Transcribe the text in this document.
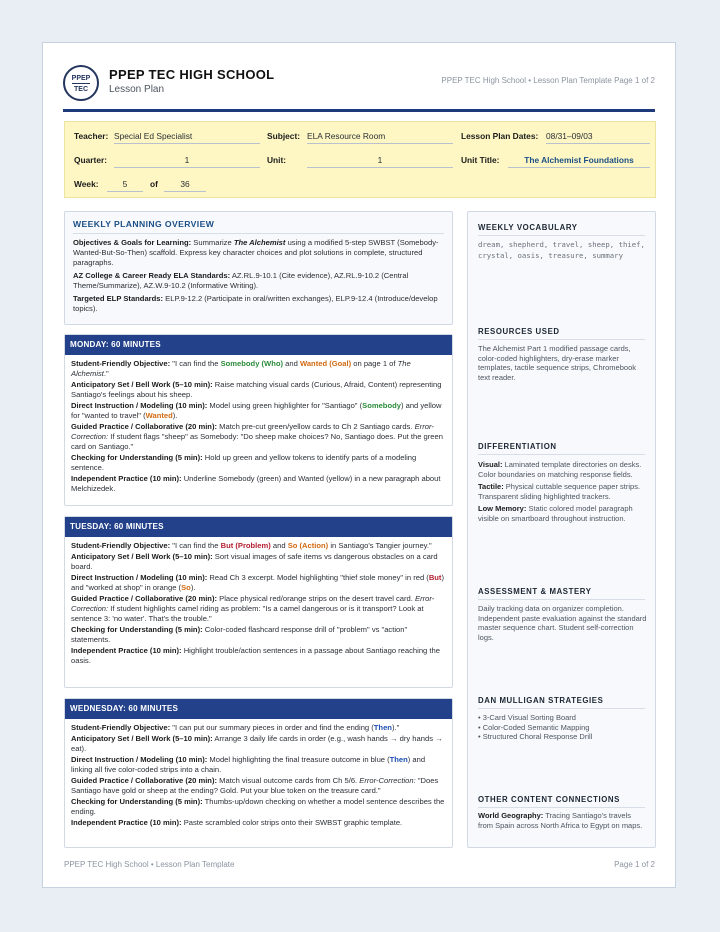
PPEP
TEC
PPEP TEC HIGH SCHOOL
Lesson Plan
PPEP TEC High School • Lesson Plan Template Page 1 of 2
Teacher: Special Ed Specialist	Subject: ELA Resource Room	Lesson Plan Dates: 08/31–09/03
Quarter:	1	Unit:	1	Unit Title:	The Alchemist Foundations
Week:	5	of	36
WEEKLY PLANNING OVERVIEW

Objectives & Goals for Learning: Summarize The Alchemist using a modified 5-step SWBST (Somebody-Wanted-But-So-Then) scaffold. Express key character choices and plot solutions in complete, structured paragraphs.

AZ College & Career Ready ELA Standards: AZ.RL.9-10.1 (Cite evidence), AZ.RL.9-10.2 (Central Theme/Summarize), AZ.W.9-10.2 (Informative Writing).

Targeted ELP Standards: ELP.9-12.2 (Participate in oral/written exchanges), ELP.9-12.4 (Introduce/develop topics).

MONDAY: 60 MINUTES

Student-Friendly Objective: "I can find the Somebody (Who) and Wanted (Goal) on page 1 of The Alchemist."

Anticipatory Set / Bell Work (5–10 min): Raise matching visual cards (Curious, Afraid, Content) representing Santiago's feelings about his sheep.

Direct Instruction / Modeling (10 min): Model using green highlighter for "Santiago" (Somebody) and yellow for "wanted to travel" (Wanted).

Guided Practice / Collaborative (20 min): Match pre-cut green/yellow cards to Ch 2 Santiago cards. Error-Correction: If student flags "sheep" as Somebody: "Do sheep make choices? No, Santiago does. Put the green card on Santiago."

Checking for Understanding (5 min): Hold up green and yellow tokens to identify parts of a modeling sentence.

Independent Practice (10 min): Underline Somebody (green) and Wanted (yellow) in a new paragraph about Melchizedek.

TUESDAY: 60 MINUTES

Student-Friendly Objective: "I can find the But (Problem) and So (Action) in Santiago's Tangier journey."

Anticipatory Set / Bell Work (5–10 min): Sort visual images of safe items vs dangerous obstacles on a card board.

Direct Instruction / Modeling (10 min): Read Ch 3 excerpt. Model highlighting "thief stole money" in red (But) and "worked at shop" in orange (So).

Guided Practice / Collaborative (20 min): Place physical red/orange strips on the desert travel card. Error-Correction: If student highlights camel riding as problem: "Is a camel dangerous or is it transport? Look at sentence 3: 'no water'. That's the trouble."

Checking for Understanding (5 min): Color-coded flashcard response drill of "problem" vs "action" statements.

Independent Practice (10 min): Highlight trouble/action sentences in a passage about Santiago reaching the oasis.

WEDNESDAY: 60 MINUTES

Student-Friendly Objective: "I can put our summary pieces in order and find the ending (Then)."

Anticipatory Set / Bell Work (5–10 min): Arrange 3 daily life cards in order (e.g., wash hands → dry hands → eat).

Direct Instruction / Modeling (10 min): Model highlighting the final treasure outcome in blue (Then) and linking all five color-coded strips into a chain.

Guided Practice / Collaborative (20 min): Match visual outcome cards from Ch 5/6. Error-Correction: "Does Santiago have gold or sheep at the ending? Gold. Put your blue token on the treasure card."

Checking for Understanding (5 min): Thumbs-up/down checking on whether a model sentence describes the ending.

Independent Practice (10 min): Paste scrambled color strips onto their SWBST graphic template.

WEEKLY VOCABULARY
dream, shepherd, travel, sheep, thief, crystal, oasis, treasure, summary
RESOURCES USED
The Alchemist Part 1 modified passage cards, color-coded highlighters, dry-erase marker templates, tactile sequence strips, Chromebook text reader.
DIFFERENTIATION

Visual: Laminated template directories on desks. Color boundaries on matching response fields.

Tactile: Physical cuttable sequence paper strips. Transparent sliding highlighted trackers.

Low Memory: Static colored model paragraph visible on smartboard throughout instruction.

ASSESSMENT & MASTERY
Daily tracking data on organizer completion. Independent paste evaluation against the standard master sequence chart. Student self-correction logs.
DAN MULLIGAN STRATEGIES
• 3-Card Visual Sorting Board
• Color-Coded Semantic Mapping
• Structured Choral Response Drill
OTHER CONTENT CONNECTIONS
World Geography: Tracing Santiago's travels from Spain across North Africa to Egypt on maps.
PPEP TEC High School • Lesson Plan Template	Page 1 of 2
